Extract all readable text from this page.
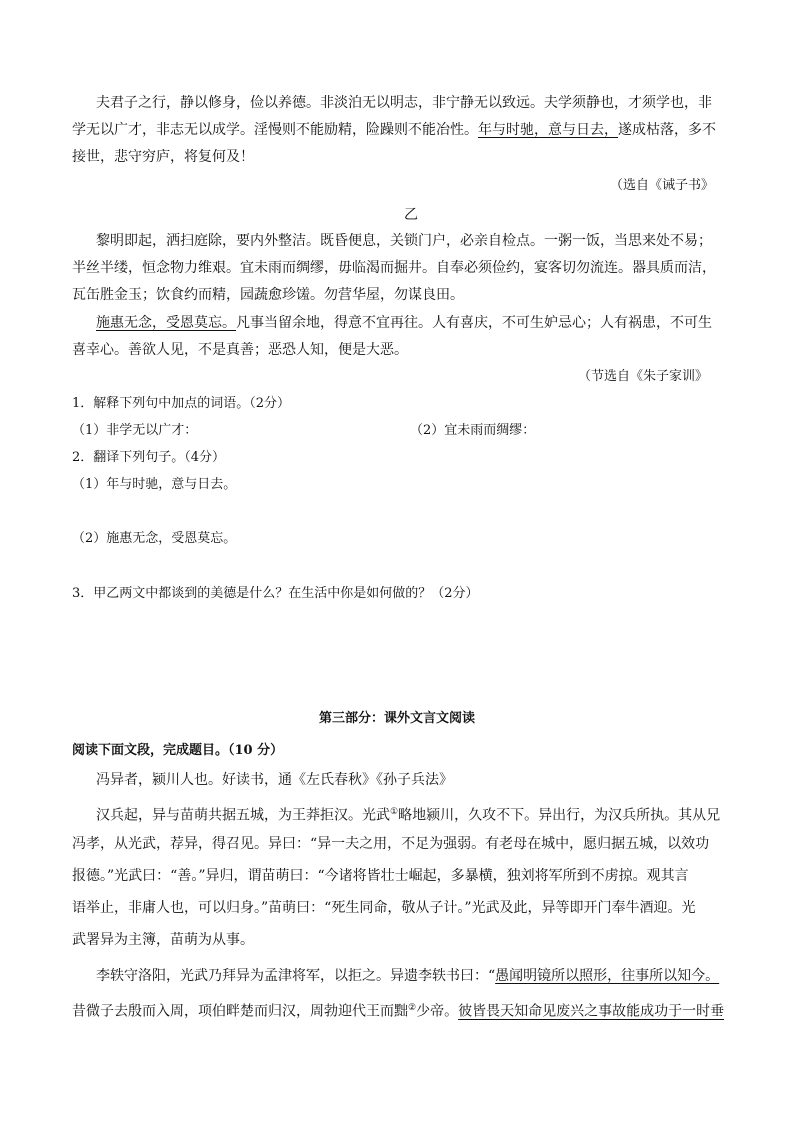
夫君子之行，静以修身，俭以养德。非淡泊无以明志，非宁静无以致远。夫学须静也，才须学也，非
学无以广才，非志无以成学。淫慢则不能励精，险躁则不能冶性。年与时驰，意与日去，遂成枯落，多不
接世，悲守穷庐，将复何及！
（选自《诫子书》
乙
黎明即起，洒扫庭除，要内外整洁。既昏便息，关锁门户，必亲自检点。一粥一饭，当思来处不易；
半丝半缕，恒念物力维艰。宜未雨而绸缪，毋临渴而掘井。自奉必须俭约，宴客切勿流连。器具质而洁，
瓦缶胜金玉；饮食约而精，园蔬愈珍馐。勿营华屋，勿谋良田。
施惠无念，受恩莫忘。凡事当留余地，得意不宜再往。人有喜庆，不可生妒忌心；人有祸患，不可生
喜幸心。善欲人见，不是真善；恶恐人知，便是大恶。
（节选自《朱子家训》
1．解释下列句中加点的词语。（2分）
（1）非学无以广才：	（2）宜未雨而绸缪：
2．翻译下列句子。（4分）
（1）年与时驰，意与日去。
（2）施惠无念，受恩莫忘。
3．甲乙两文中都谈到的美德是什么？在生活中你是如何做的？（2分）
第三部分：课外文言文阅读
阅读下面文段，完成题目。（10 分）
冯异者，颍川人也。好读书，通《左氏春秋》《孙子兵法》
汉兵起，异与苗萌共据五城，为王莽拒汉。光武①略地颍川，久攻不下。异出行，为汉兵所执。其从兄
冯孝，从光武，荐异，得召见。异曰：“异一夫之用，不足为强弱。有老母在城中，愿归据五城，以效功
报德。”光武曰：“善。”异归，谓苗萌曰：“今诸将皆壮士崛起，多暴横，独刘将军所到不虏掠。观其言
语举止，非庸人也，可以归身。”苗萌曰：“死生同命，敬从子计。”光武及此，异等即开门奉牛酒迎。光
武署异为主簿，苗萌为从事。
李轶守洛阳，光武乃拜异为孟津将军，以拒之。异遗李轶书曰：“愚闻明镜所以照形，往事所以知今。
昔微子去殷而入周，项伯畔楚而归汉，周勃迎代王而黜②少帝。彼皆畏天知命见废兴之事故能成功于一时垂
